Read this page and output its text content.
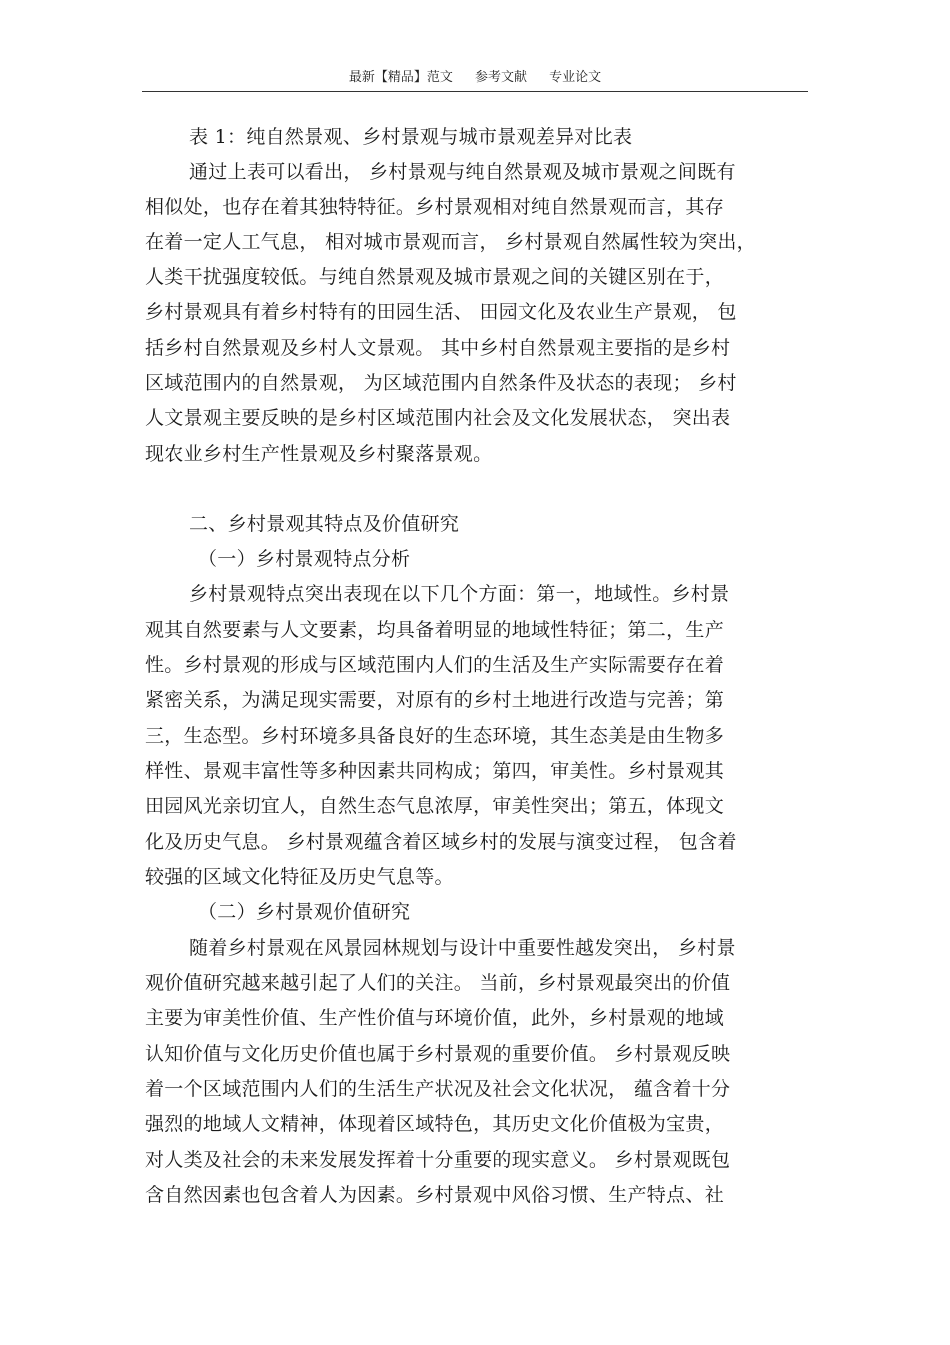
最新【精品】范文 参考文献 专业论文
表 1：纯自然景观、乡村景观与城市景观差异对比表
通过上表可以看出， 乡村景观与纯自然景观及城市景观之间既有
相似处，也存在着其独特特征。乡村景观相对纯自然景观而言，其存
在着一定人工气息， 相对城市景观而言， 乡村景观自然属性较为突出，
人类干扰强度较低。与纯自然景观及城市景观之间的关键区别在于，
乡村景观具有着乡村特有的田园生活、 田园文化及农业生产景观， 包
括乡村自然景观及乡村人文景观。 其中乡村自然景观主要指的是乡村
区域范围内的自然景观， 为区域范围内自然条件及状态的表现； 乡村
人文景观主要反映的是乡村区域范围内社会及文化发展状态， 突出表
现农业乡村生产性景观及乡村聚落景观。
二、乡村景观其特点及价值研究
（一）乡村景观特点分析
乡村景观特点突出表现在以下几个方面：第一，地域性。乡村景
观其自然要素与人文要素，均具备着明显的地域性特征；第二，生产
性。乡村景观的形成与区域范围内人们的生活及生产实际需要存在着
紧密关系，为满足现实需要，对原有的乡村土地进行改造与完善；第
三，生态型。乡村环境多具备良好的生态环境，其生态美是由生物多
样性、景观丰富性等多种因素共同构成；第四，审美性。乡村景观其
田园风光亲切宜人，自然生态气息浓厚，审美性突出；第五，体现文
化及历史气息。 乡村景观蕴含着区域乡村的发展与演变过程， 包含着
较强的区域文化特征及历史气息等。
（二）乡村景观价值研究
随着乡村景观在风景园林规划与设计中重要性越发突出， 乡村景
观价值研究越来越引起了人们的关注。 当前，乡村景观最突出的价值
主要为审美性价值、生产性价值与环境价值，此外，乡村景观的地域
认知价值与文化历史价值也属于乡村景观的重要价值。 乡村景观反映
着一个区域范围内人们的生活生产状况及社会文化状况， 蕴含着十分
强烈的地域人文精神，体现着区域特色，其历史文化价值极为宝贵，
对人类及社会的未来发展发挥着十分重要的现实意义。 乡村景观既包
含自然因素也包含着人为因素。乡村景观中风俗习惯、生产特点、社
